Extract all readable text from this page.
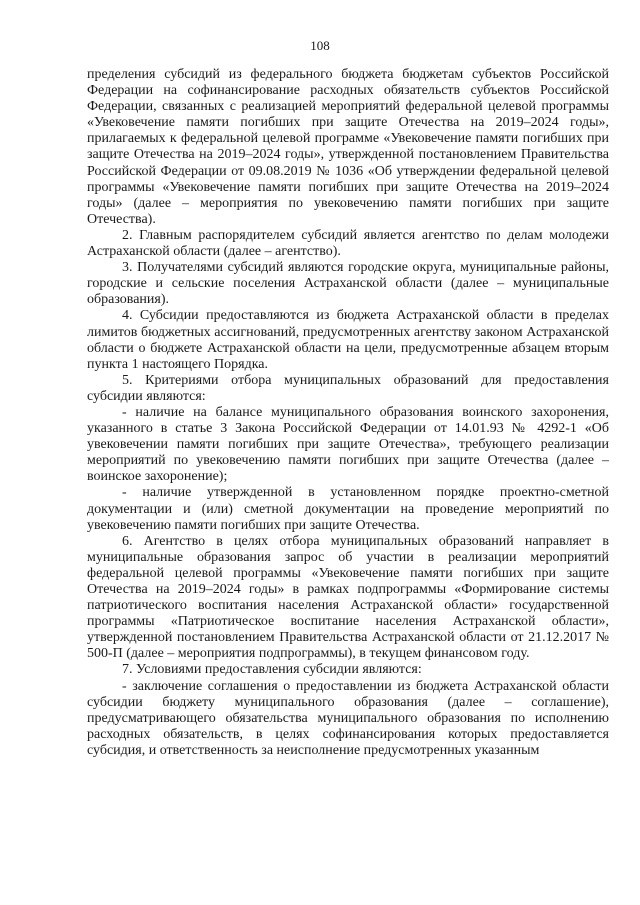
108

пределения субсидий из федерального бюджета бюджетам субъектов Российской Федерации на софинансирование расходных обязательств субъектов Российской Федерации, связанных с реализацией мероприятий федеральной целевой программы «Увековечение памяти погибших при защите Отечества на 2019–2024 годы», прилагаемых к федеральной целевой программе «Увековечение памяти погибших при защите Отечества на 2019–2024 годы», утвержденной постановлением Правительства Российской Федерации от 09.08.2019 № 1036 «Об утверждении федеральной целевой программы «Увековечение памяти погибших при защите Отечества на 2019–2024 годы» (далее – мероприятия по увековечению памяти погибших при защите Отечества).

2. Главным распорядителем субсидий является агентство по делам молодежи Астраханской области (далее – агентство).

3. Получателями субсидий являются городские округа, муниципальные районы, городские и сельские поселения Астраханской области (далее – муниципальные образования).

4. Субсидии предоставляются из бюджета Астраханской области в пределах лимитов бюджетных ассигнований, предусмотренных агентству законом Астраханской области о бюджете Астраханской области на цели, предусмотренные абзацем вторым пункта 1 настоящего Порядка.

5. Критериями отбора муниципальных образований для предоставления субсидии являются:

- наличие на балансе муниципального образования воинского захоронения, указанного в статье 3 Закона Российской Федерации от 14.01.93 № 4292-1 «Об увековечении памяти погибших при защите Отечества», требующего реализации мероприятий по увековечению памяти погибших при защите Отечества (далее – воинское захоронение);

- наличие утвержденной в установленном порядке проектно-сметной документации и (или) сметной документации на проведение мероприятий по увековечению памяти погибших при защите Отечества.

6. Агентство в целях отбора муниципальных образований направляет в муниципальные образования запрос об участии в реализации мероприятий федеральной целевой программы «Увековечение памяти погибших при защите Отечества на 2019–2024 годы» в рамках подпрограммы «Формирование системы патриотического воспитания населения Астраханской области» государственной программы «Патриотическое воспитание населения Астраханской области», утвержденной постановлением Правительства Астраханской области от 21.12.2017 № 500-П (далее – мероприятия подпрограммы), в текущем финансовом году.

7. Условиями предоставления субсидии являются:

- заключение соглашения о предоставлении из бюджета Астраханской области субсидии бюджету муниципального образования (далее – соглашение), предусматривающего обязательства муниципального образования по исполнению расходных обязательств, в целях софинансирования которых предоставляется субсидия, и ответственность за неисполнение предусмотренных указанным
